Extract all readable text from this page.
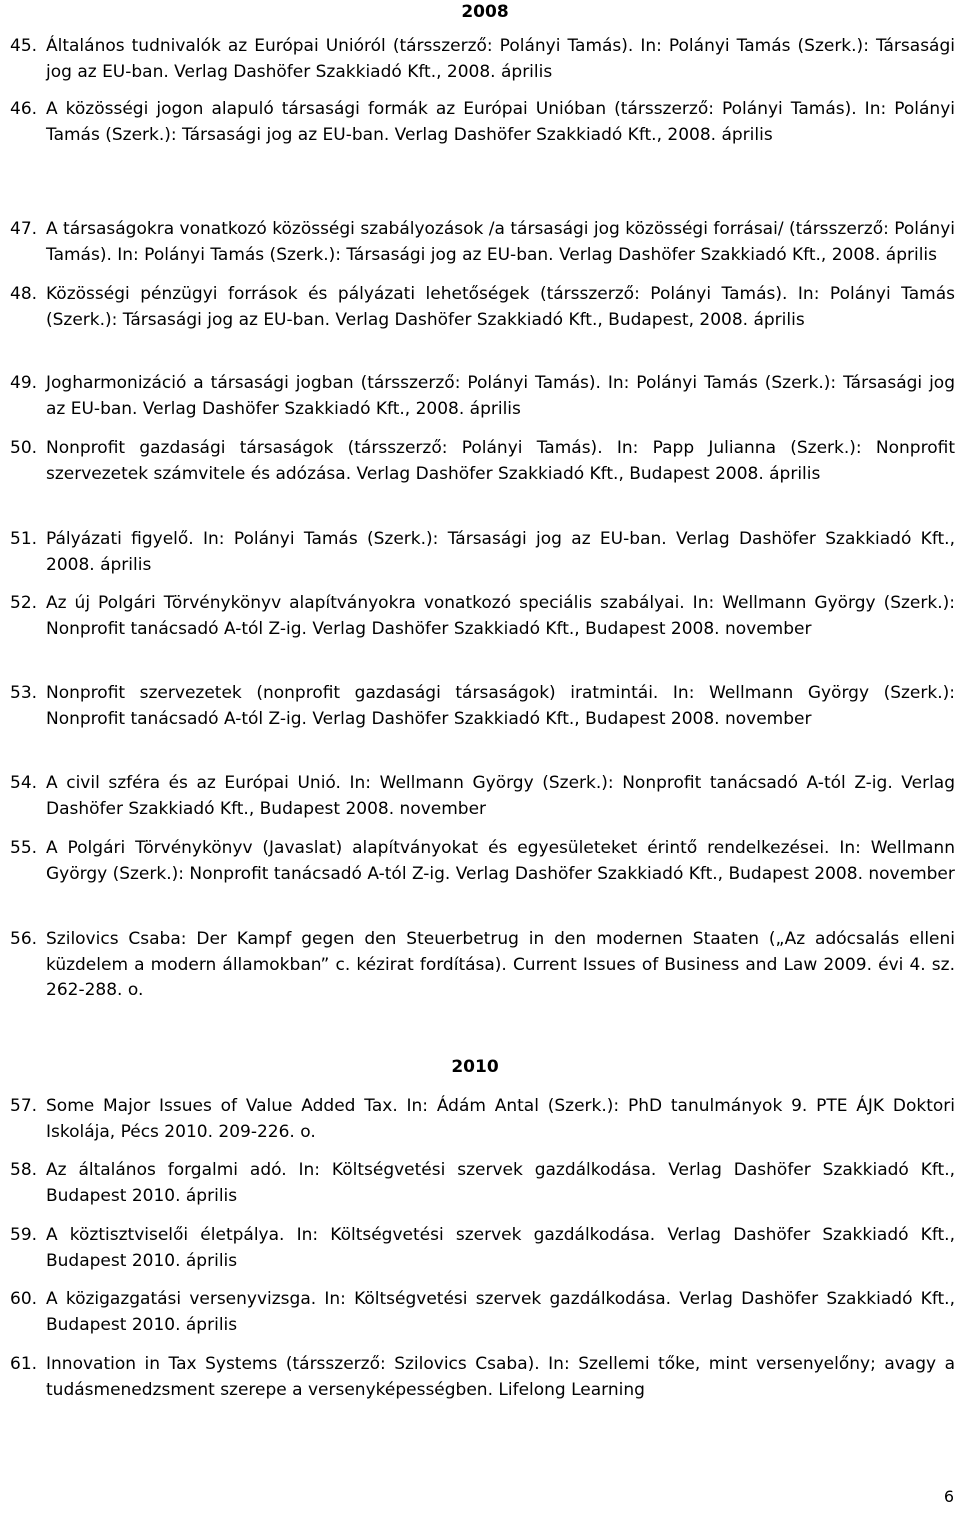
2008
45. Általános tudnivalók az Európai Unióról (társszerző: Polányi Tamás). In: Polányi Tamás (Szerk.): Társasági jog az EU-ban. Verlag Dashöfer Szakkiadó Kft., 2008. április
46. A közösségi jogon alapuló társasági formák az Európai Unióban (társszerző: Polányi Tamás). In: Polányi Tamás (Szerk.): Társasági jog az EU-ban. Verlag Dashöfer Szakkiadó Kft., 2008. április
47. A társaságokra vonatkozó közösségi szabályozások /a társasági jog közösségi forrásai/ (társszerző: Polányi Tamás). In: Polányi Tamás (Szerk.): Társasági jog az EU-ban. Verlag Dashöfer Szakkiadó Kft., 2008. április
48. Közösségi pénzügyi források és pályázati lehetőségek (társszerző: Polányi Tamás). In: Polányi Tamás (Szerk.): Társasági jog az EU-ban. Verlag Dashöfer Szakkiadó Kft., Budapest, 2008. április
49. Jogharmonizáció a társasági jogban (társszerző: Polányi Tamás). In: Polányi Tamás (Szerk.): Társasági jog az EU-ban. Verlag Dashöfer Szakkiadó Kft., 2008. április
50. Nonprofit gazdasági társaságok (társszerző: Polányi Tamás). In: Papp Julianna (Szerk.): Nonprofit szervezetek számvitele és adózása. Verlag Dashöfer Szakkiadó Kft., Budapest 2008. április
51. Pályázati figyelő. In: Polányi Tamás (Szerk.): Társasági jog az EU-ban. Verlag Dashöfer Szakkiadó Kft., 2008. április
52. Az új Polgári Törvénykönyv alapítványokra vonatkozó speciális szabályai. In: Wellmann György (Szerk.): Nonprofit tanácsadó A-tól Z-ig. Verlag Dashöfer Szakkiadó Kft., Budapest 2008. november
53. Nonprofit szervezetek (nonprofit gazdasági társaságok) iratmintái. In: Wellmann György (Szerk.): Nonprofit tanácsadó A-tól Z-ig. Verlag Dashöfer Szakkiadó Kft., Budapest 2008. november
54. A civil szféra és az Európai Unió. In: Wellmann György (Szerk.): Nonprofit tanácsadó A-tól Z-ig. Verlag Dashöfer Szakkiadó Kft., Budapest 2008. november
55. A Polgári Törvénykönyv (Javaslat) alapítványokat és egyesületeket érintő rendelkezései. In: Wellmann György (Szerk.): Nonprofit tanácsadó A-tól Z-ig. Verlag Dashöfer Szakkiadó Kft., Budapest 2008. november
56. Szilovics Csaba: Der Kampf gegen den Steuerbetrug in den modernen Staaten („Az adócsalás elleni küzdelem a modern államokban” c. kézirat fordítása). Current Issues of Business and Law 2009. évi 4. sz. 262-288. o.
2010
57. Some Major Issues of Value Added Tax. In: Ádám Antal (Szerk.): PhD tanulmányok 9. PTE ÁJK Doktori Iskolája, Pécs 2010. 209-226. o.
58. Az általános forgalmi adó. In: Költségvetési szervek gazdálkodása. Verlag Dashöfer Szakkiadó Kft., Budapest 2010. április
59. A köztisztviselői életpálya. In: Költségvetési szervek gazdálkodása. Verlag Dashöfer Szakkiadó Kft., Budapest 2010. április
60. A közigazgatási versenyvizsga. In: Költségvetési szervek gazdálkodása. Verlag Dashöfer Szakkiadó Kft., Budapest 2010. április
61. Innovation in Tax Systems (társszerző: Szilovics Csaba). In: Szellemi tőke, mint versenyelőny; avagy a tudásmenedzsment szerepe a versenyképességben. Lifelong Learning
6
